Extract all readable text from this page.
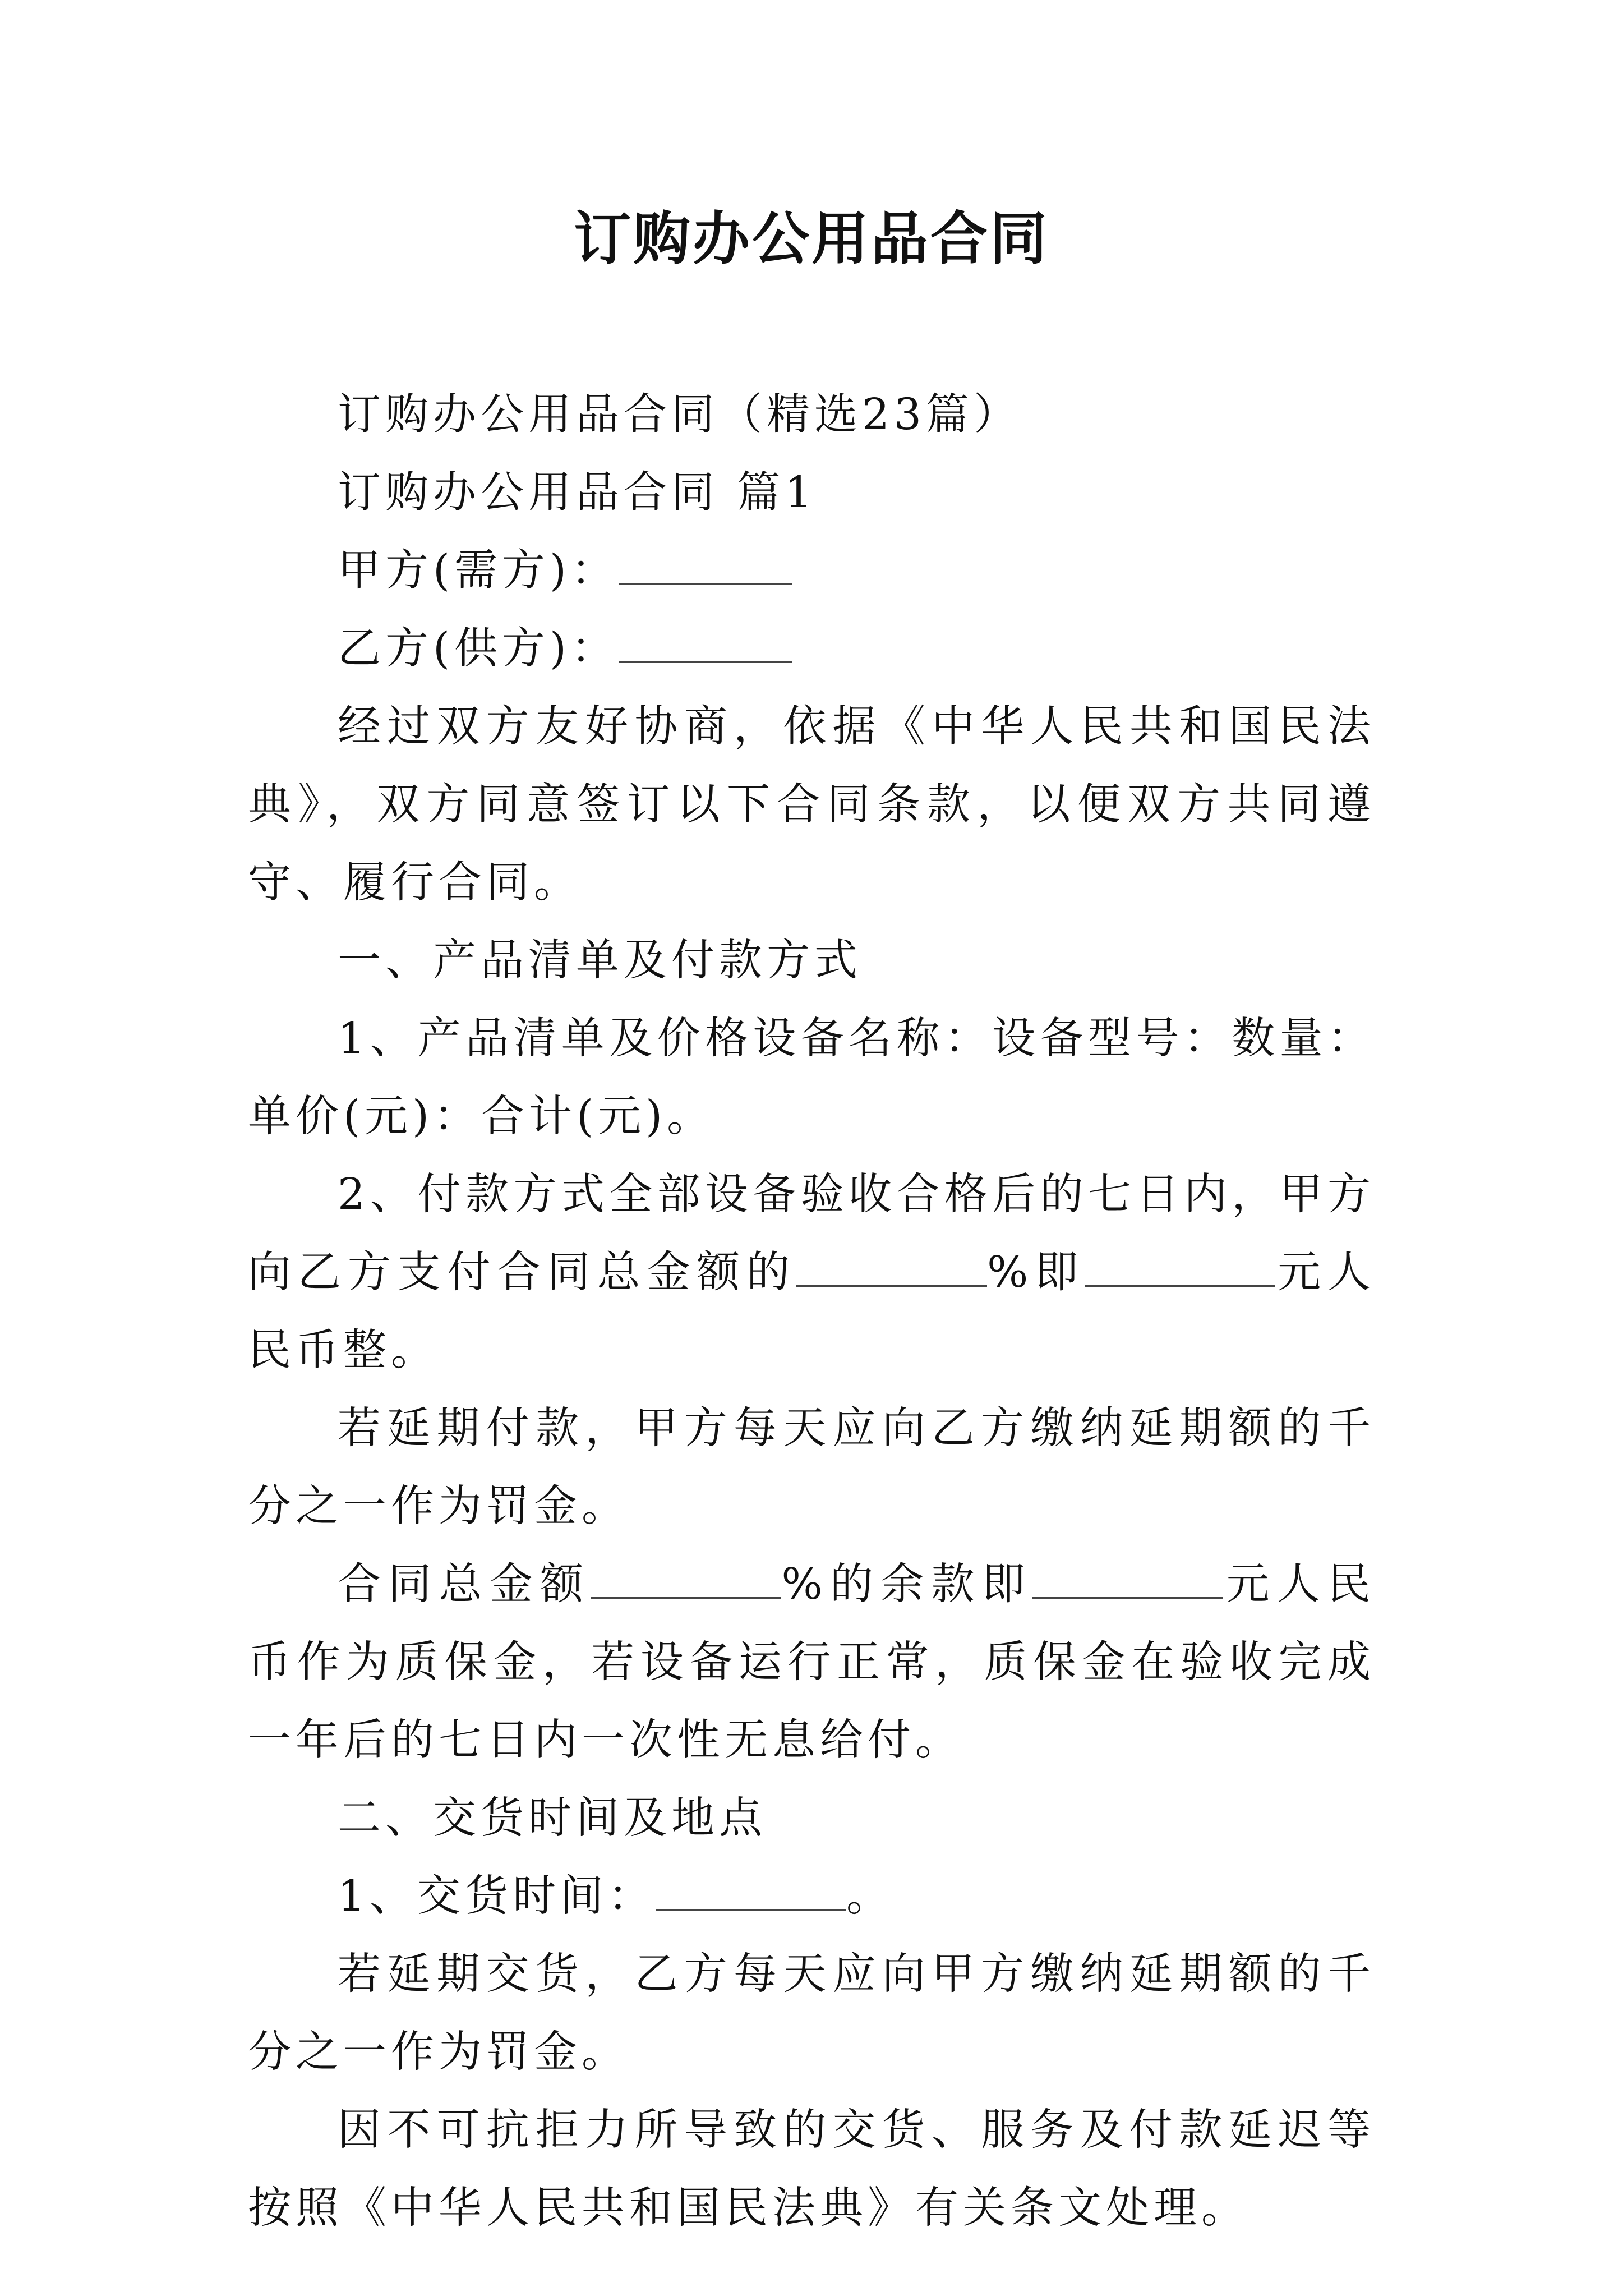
订购办公用品合同

订购办公用品合同（精选23篇）

订购办公用品合同 篇1

甲方(需方)：

乙方(供方)：

经过双方友好协商，依据《中华人民共和国民法典》，双方同意签订以下合同条款，以便双方共同遵守、履行合同。

一、产品清单及付款方式

1、产品清单及价格设备名称：设备型号：数量：单价(元)：合计(元)。

2、付款方式全部设备验收合格后的七日内，甲方向乙方支付合同总金额的	%即	元人民币整。

若延期付款，甲方每天应向乙方缴纳延期额的千分之一作为罚金。

合同总金额	%的余款即	元人民币作为质保金，若设备运行正常，质保金在验收完成一年后的七日内一次性无息给付。

二、交货时间及地点

1、交货时间：	。

若延期交货，乙方每天应向甲方缴纳延期额的千分之一作为罚金。

因不可抗拒力所导致的交货、服务及付款延迟等按照《中华人民共和国民法典》有关条文处理。
